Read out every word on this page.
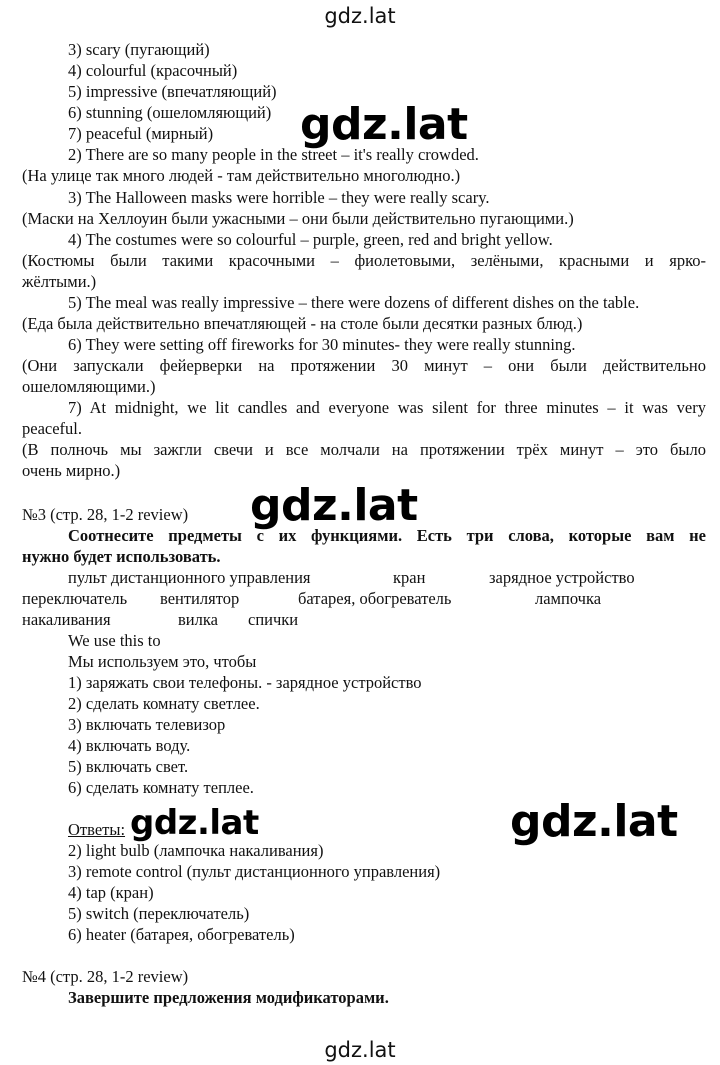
gdz.lat
3) scary (пугающий)
4) colourful (красочный)
5) impressive (впечатляющий)
6) stunning (ошеломляющий)
7) peaceful (мирный)
2) There are so many people in the street – it's really crowded.
(На улице так много людей - там действительно многолюдно.)
3) The Halloween masks were horrible – they were really scary.
(Маски на Хеллоуин были ужасными – они были действительно пугающими.)
4) The costumes were so colourful – purple, green, red and bright yellow.
(Костюмы были такими красочными – фиолетовыми, зелёными, красными и ярко-
жёлтыми.)
5) The meal was really impressive – there were dozens of different dishes on the table.
(Еда была действительно впечатляющей - на столе были десятки разных блюд.)
6) They were setting off fireworks for 30 minutes- they were really stunning.
(Они запускали фейерверки на протяжении 30 минут – они были действительно
ошеломляющими.)
7) At midnight, we lit candles and everyone was silent for three minutes – it was very
peaceful.
(В полночь мы зажгли свечи и все молчали на протяжении трёх минут – это было
очень мирно.)
№3 (стр. 28, 1-2 review)
Соотнесите предметы с их функциями. Есть три слова, которые вам не
нужно будет использовать.
пульт дистанционного управления	кран	зарядное устройство
переключатель вентилятор	батарея, обогреватель	лампочка
накаливания	вилка спички
We use this to
Мы используем это, чтобы
1) заряжать свои телефоны. - зарядное устройство
2) сделать комнату светлее.
3) включать телевизор
4) включать воду.
5) включать свет.
6) сделать комнату теплее.
Ответы:
2) light bulb (лампочка накаливания)
3) remote control (пульт дистанционного управления)
4) tap (кран)
5) switch (переключатель)
6) heater (батарея, обогреватель)
№4 (стр. 28, 1-2 review)
Завершите предложения модификаторами.
gdz.lat
gdz.lat
gdz.lat	gdz.lat
gdz.lat
